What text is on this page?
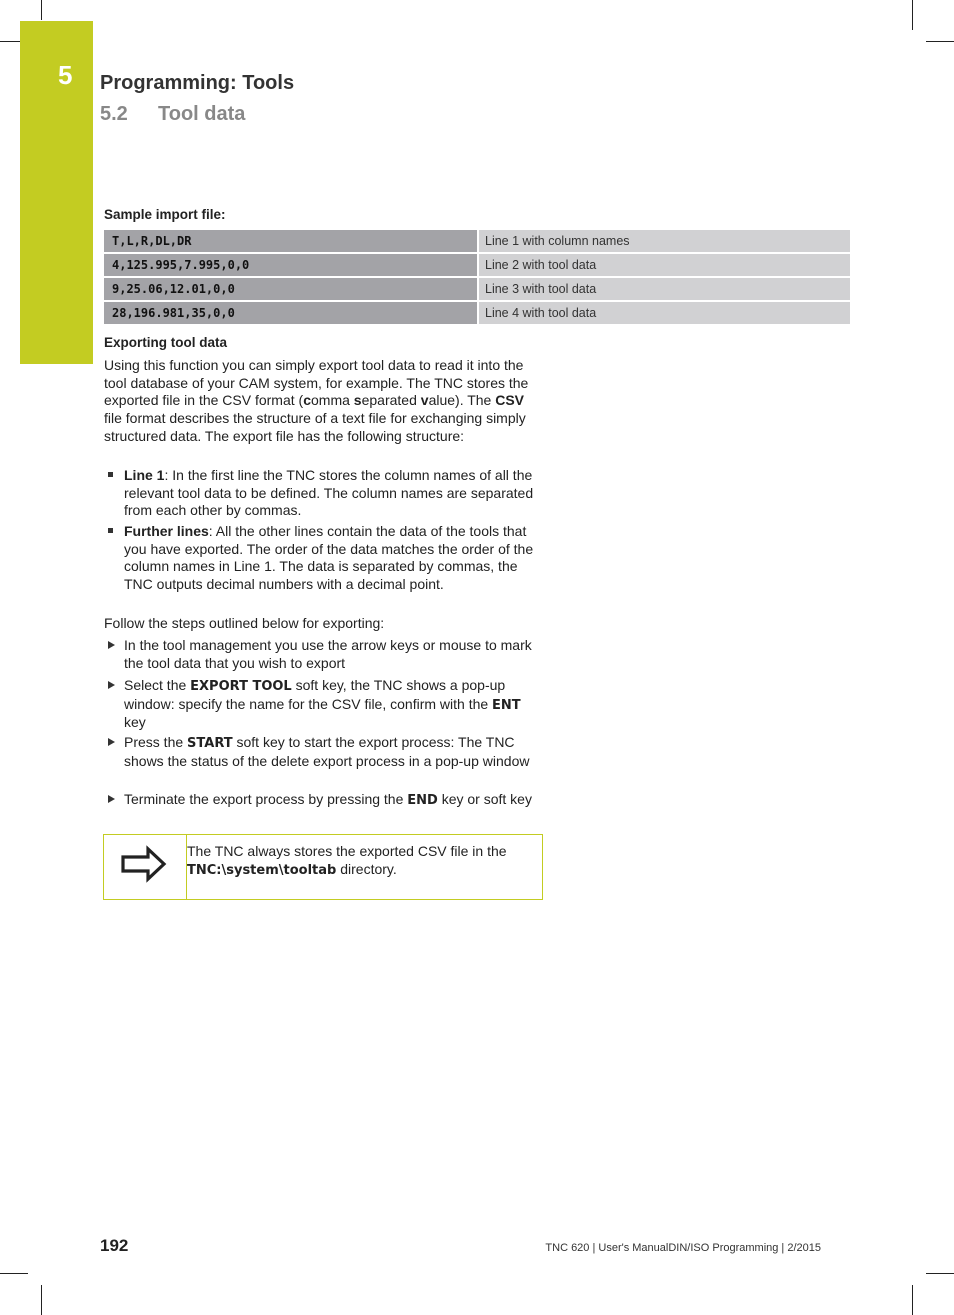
5 Programming: Tools
5.2 Tool data
Sample import file:
T,L,R,DL,DR	Line 1 with column names
4,125.995,7.995,0,0	Line 2 with tool data
9,25.06,12.01,0,0	Line 3 with tool data
28,196.981,35,0,0	Line 4 with tool data
Exporting tool data
Using this function you can simply export tool data to read it into the tool database of your CAM system, for example. The TNC stores the exported file in the CSV format (comma separated value). The CSV file format describes the structure of a text file for exchanging simply structured data. The export file has the following structure:
Line 1: In the first line the TNC stores the column names of all the relevant tool data to be defined. The column names are separated from each other by commas.
Further lines: All the other lines contain the data of the tools that you have exported. The order of the data matches the order of the column names in Line 1. The data is separated by commas, the TNC outputs decimal numbers with a decimal point.
Follow the steps outlined below for exporting:
In the tool management you use the arrow keys or mouse to mark the tool data that you wish to export
Select the EXPORT TOOL soft key, the TNC shows a pop-up window: specify the name for the CSV file, confirm with the ENT key
Press the START soft key to start the export process: The TNC shows the status of the delete export process in a pop-up window
Terminate the export process by pressing the END key or soft key
The TNC always stores the exported CSV file in the TNC:\system\tooltab directory.
192	TNC 620 | User's ManualDIN/ISO Programming | 2/2015
